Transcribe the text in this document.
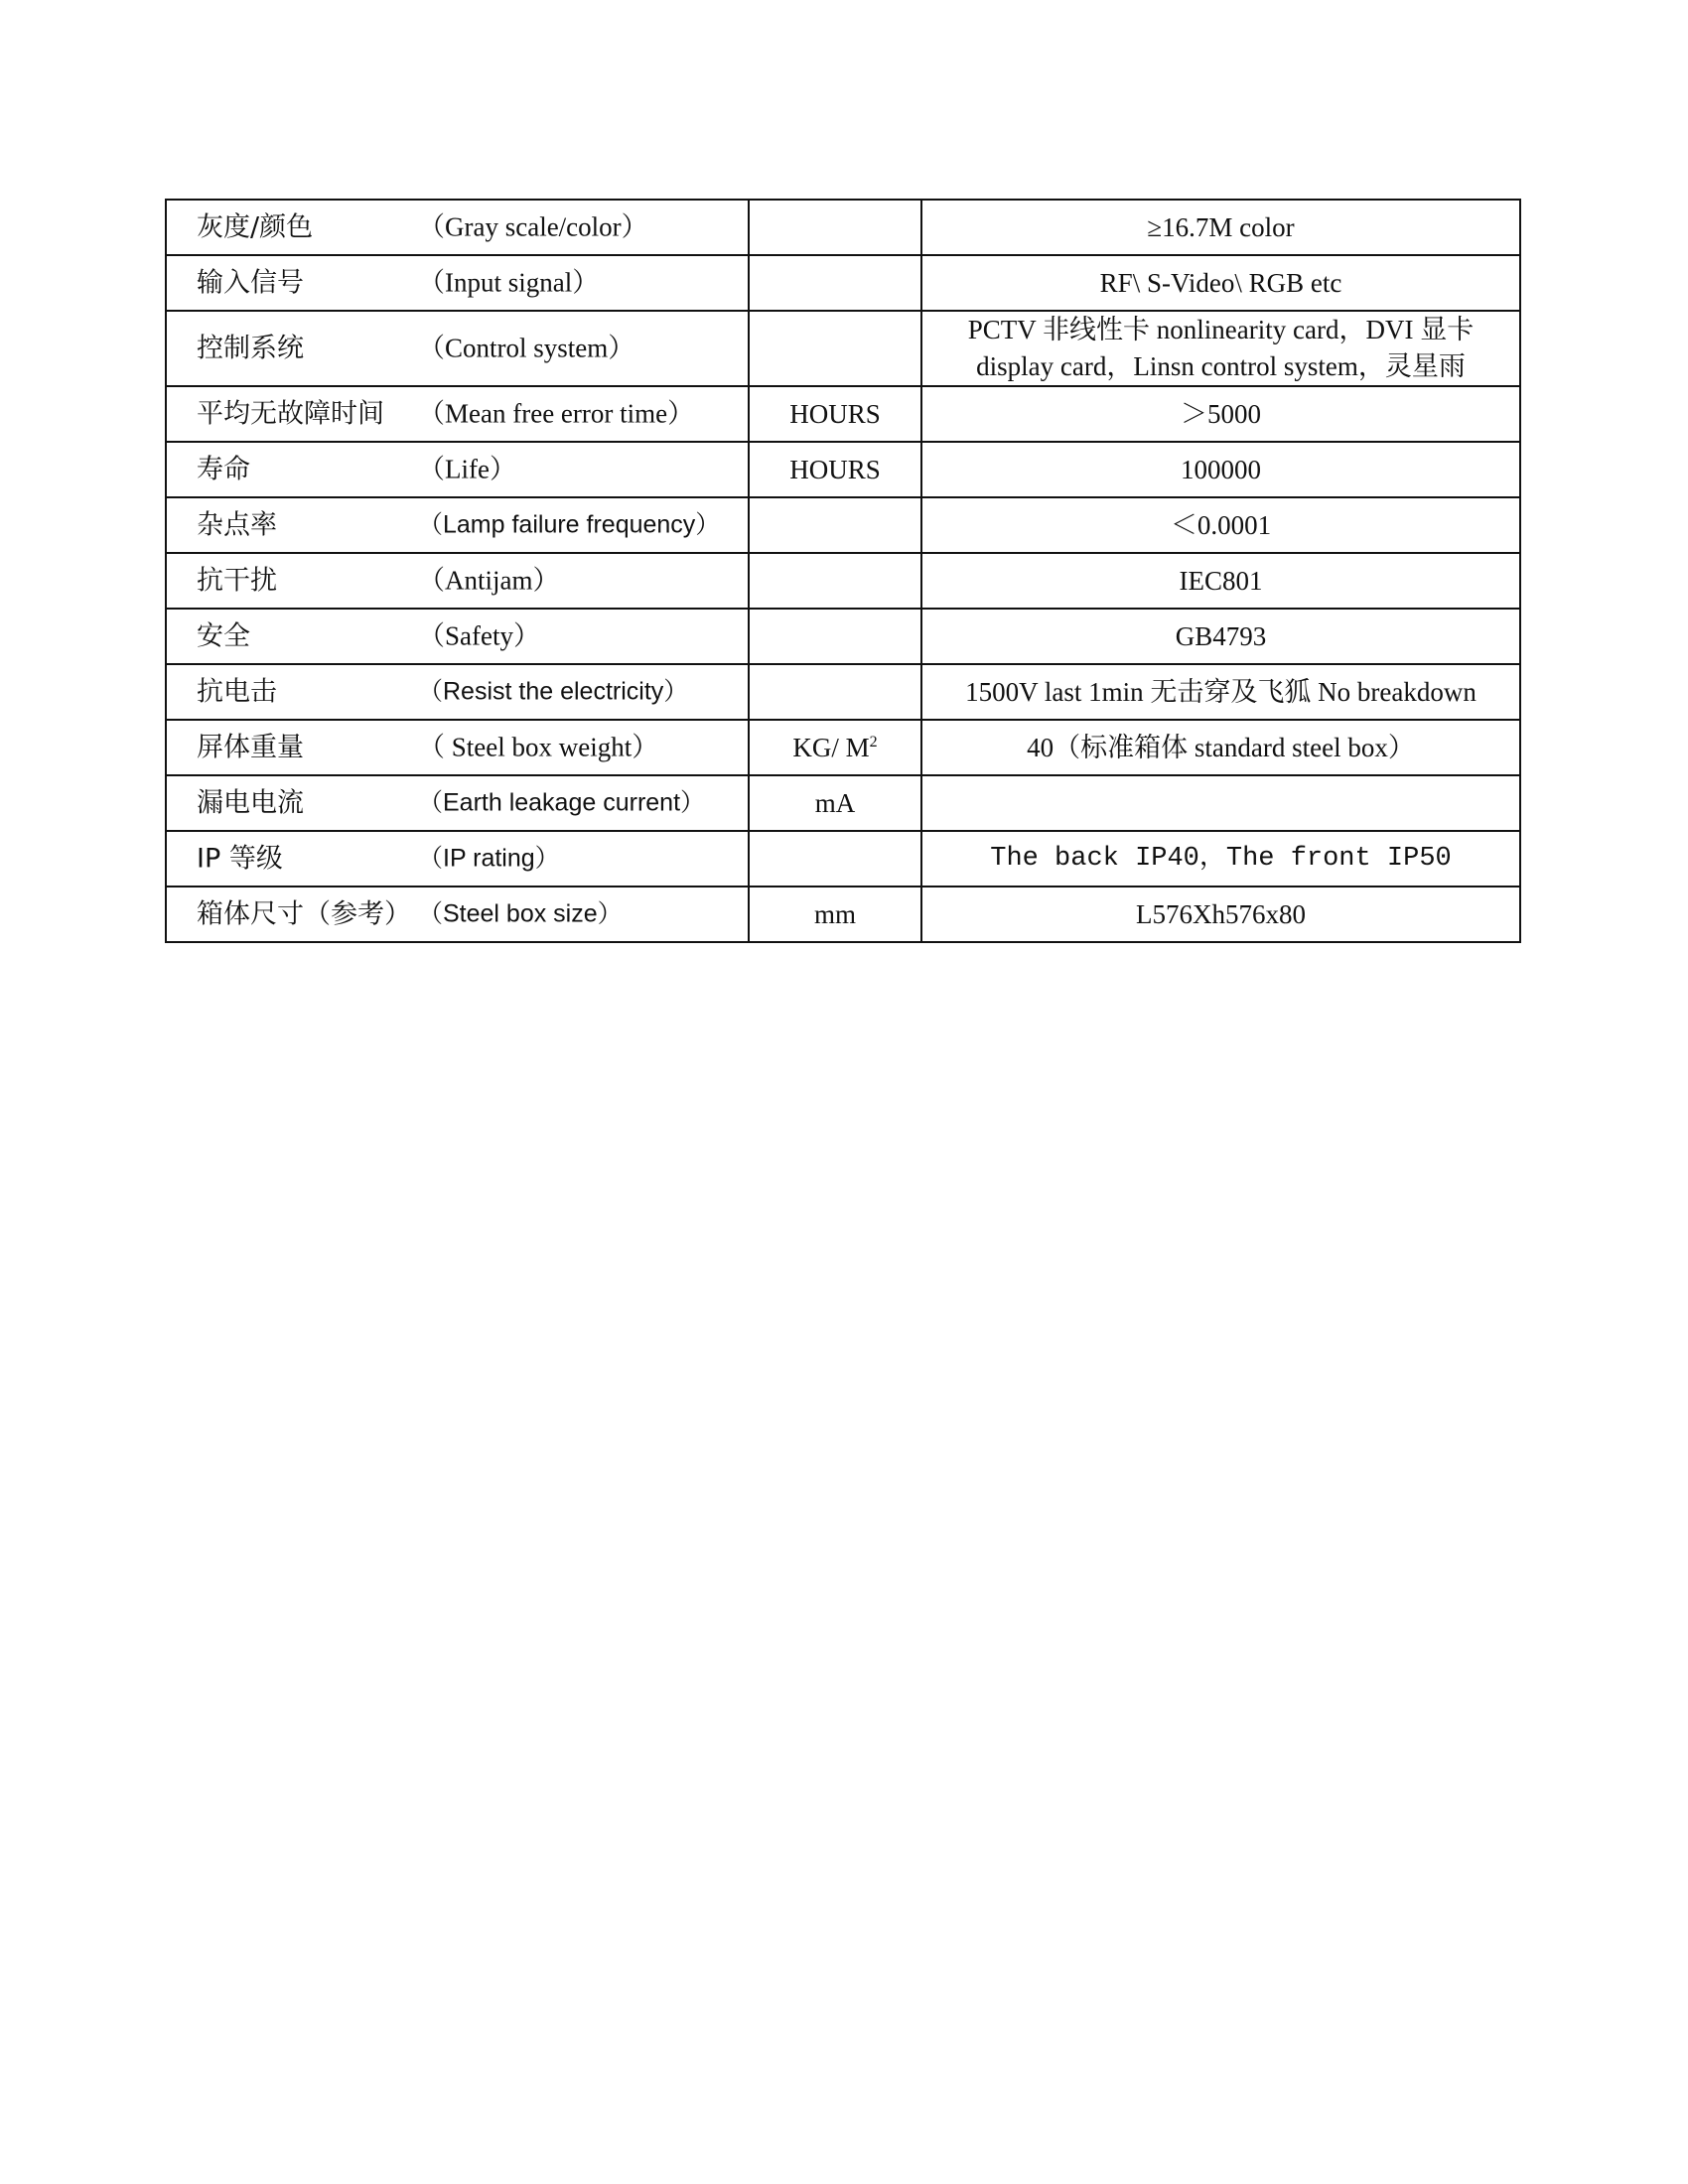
灰度/颜色 （Gray scale/color）		≥16.7M color

输入信号 （Input signal）		RF\ S-Video\ RGB etc

控制系统 （Control system）		PCTV 非线性卡 nonlinearity card，DVI 显卡 display card，Linsn control system，灵星雨

平均无故障时间 （Mean free error time）	HOURS	＞5000

寿命 （Life）	HOURS	100000

杂点率 （Lamp failure frequency）		＜0.0001

抗干扰 （Antijam）		IEC801

安全 （Safety）		GB4793

抗电击 （Resist the electricity）		1500V last 1min 无击穿及飞狐 No breakdown

屏体重量 （ Steel box weight）	KG/ $M^2$	40（标准箱体 standard steel box）

漏电电流 （Earth leakage current）	mA	

IP 等级 （IP rating）		The back IP40，The front IP50

箱体尺寸（参考） （Steel box size）	mm	L576Xh576x80
